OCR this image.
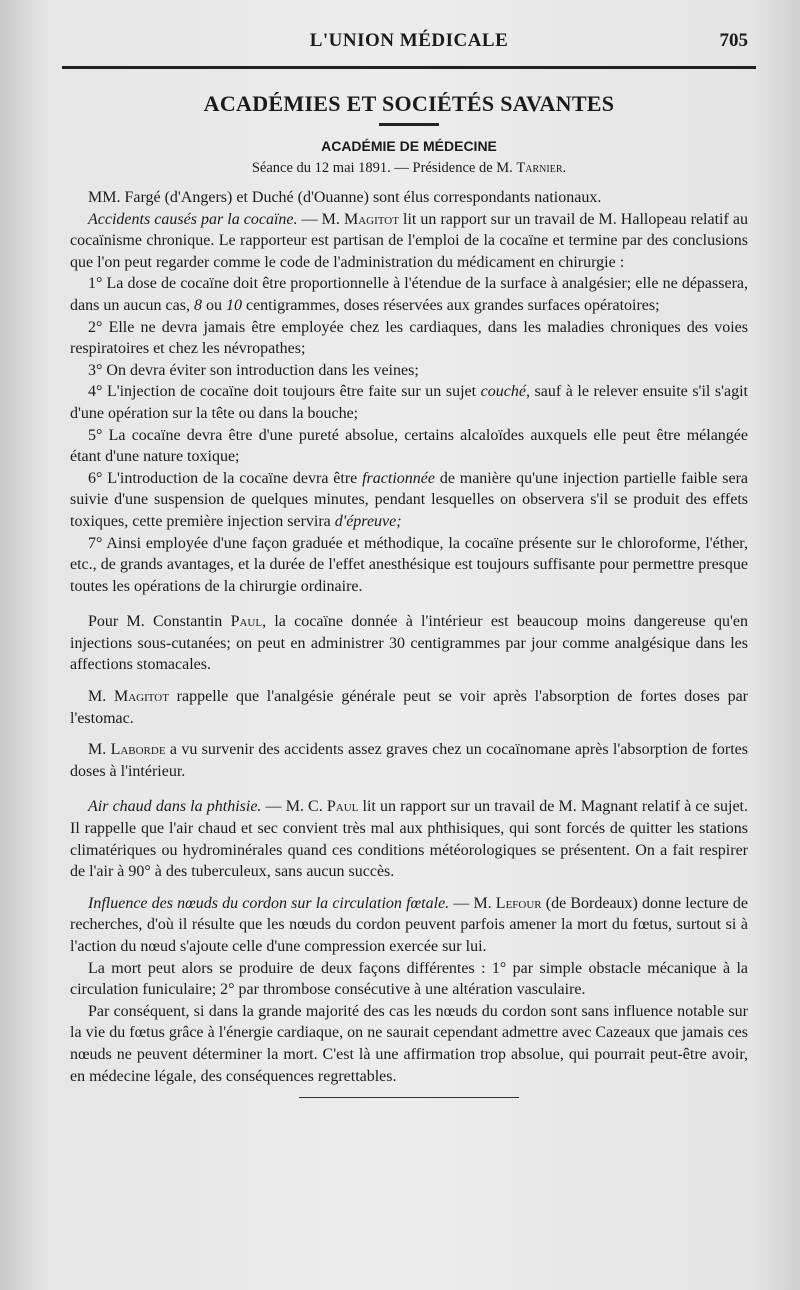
L'UNION MÉDICALE	705
ACADÉMIES ET SOCIÉTÉS SAVANTES
ACADÉMIE DE MÉDECINE
Séance du 12 mai 1891. — Présidence de M. Tarnier.

MM. Fargé (d'Angers) et Duché (d'Ouanne) sont élus correspondants nationaux.

Accidents causés par la cocaïne. — M. Magitot lit un rapport sur un travail de M. Hallopeau relatif au cocaïnisme chronique. Le rapporteur est partisan de l'emploi de la cocaïne et termine par des conclusions que l'on peut regarder comme le code de l'administration du médicament en chirurgie :

1° La dose de cocaïne doit être proportionnelle à l'étendue de la surface à analgésier; elle ne dépassera, dans un aucun cas, 8 ou 10 centigrammes, doses réservées aux grandes surfaces opératoires;

2° Elle ne devra jamais être employée chez les cardiaques, dans les maladies chroniques des voies respiratoires et chez les névropathes;

3° On devra éviter son introduction dans les veines;

4° L'injection de cocaïne doit toujours être faite sur un sujet couché, sauf à le relever ensuite s'il s'agit d'une opération sur la tête ou dans la bouche;

5° La cocaïne devra être d'une pureté absolue, certains alcaloïdes auxquels elle peut être mélangée étant d'une nature toxique;

6° L'introduction de la cocaïne devra être fractionnée de manière qu'une injection partielle faible sera suivie d'une suspension de quelques minutes, pendant lesquelles on observera s'il se produit des effets toxiques, cette première injection servira d'épreuve;

7° Ainsi employée d'une façon graduée et méthodique, la cocaïne présente sur le chloroforme, l'éther, etc., de grands avantages, et la durée de l'effet anesthésique est toujours suffisante pour permettre presque toutes les opérations de la chirurgie ordinaire.

Pour M. Constantin Paul, la cocaïne donnée à l'intérieur est beaucoup moins dangereuse qu'en injections sous-cutanées; on peut en administrer 30 centigrammes par jour comme analgésique dans les affections stomacales.

M. Magitot rappelle que l'analgésie générale peut se voir après l'absorption de fortes doses par l'estomac.

M. Laborde a vu survenir des accidents assez graves chez un cocaïnomane après l'absorption de fortes doses à l'intérieur.

Air chaud dans la phthisie. — M. C. Paul lit un rapport sur un travail de M. Magnant relatif à ce sujet. Il rappelle que l'air chaud et sec convient très mal aux phthisiques, qui sont forcés de quitter les stations climatériques ou hydrominérales quand ces conditions météorologiques se présentent. On a fait respirer de l'air à 90° à des tuberculeux, sans aucun succès.

Influence des nœuds du cordon sur la circulation fœtale. — M. Lefour (de Bordeaux) donne lecture de recherches, d'où il résulte que les nœuds du cordon peuvent parfois amener la mort du fœtus, surtout si à l'action du nœud s'ajoute celle d'une compression exercée sur lui.

La mort peut alors se produire de deux façons différentes : 1° par simple obstacle mécanique à la circulation funiculaire; 2° par thrombose consécutive à une altération vasculaire.

Par conséquent, si dans la grande majorité des cas les nœuds du cordon sont sans influence notable sur la vie du fœtus grâce à l'énergie cardiaque, on ne saurait cependant admettre avec Cazeaux que jamais ces nœuds ne peuvent déterminer la mort. C'est là une affirmation trop absolue, qui pourrait peut-être avoir, en médecine légale, des conséquences regrettables.
